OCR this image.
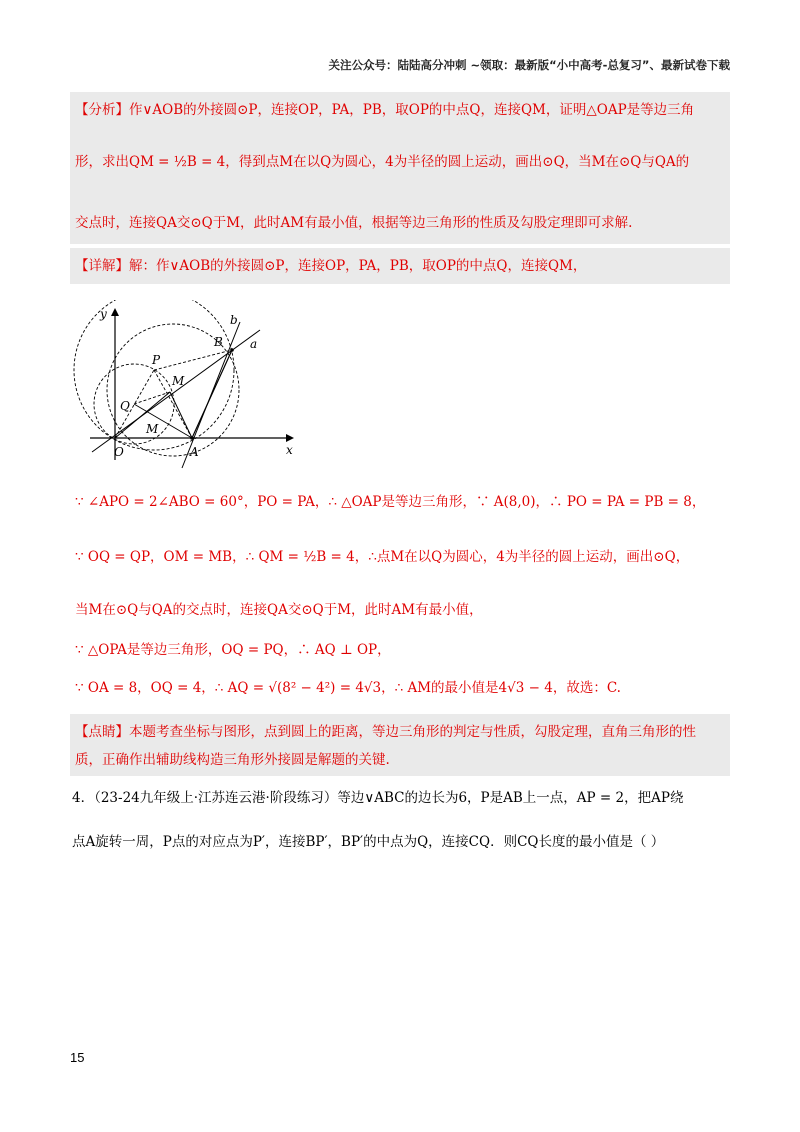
关注公众号：陆陆高分冲刺 ~领取：最新版“小中高考-总复习”、最新试卷下载
【分析】作∨AOB的外接圆⊙P，连接OP，PA，PB，取OP的中点Q，连接QM，证明△OAP是等边三角
形，求出QM = ½B = 4，得到点M在以Q为圆心，4为半径的圆上运动，画出⊙Q，当M在⊙Q与QA的
交点时，连接QA交⊙Q于M，此时AM有最小值，根据等边三角形的性质及勾股定理即可求解.
【详解】解：作∨AOB的外接圆⊙P，连接OP，PA，PB，取OP的中点Q，连接QM，
y
x
O	A
B
P
Q
M
M
a
b
∵ ∠APO = 2∠ABO = 60°，PO = PA，∴ △OAP是等边三角形，∵ A(8,0)，∴ PO = PA = PB = 8，
∵ OQ = QP，OM = MB，∴ QM = ½B = 4，∴点M在以Q为圆心，4为半径的圆上运动，画出⊙Q，
当M在⊙Q与QA的交点时，连接QA交⊙Q于M，此时AM有最小值，
∵ △OPA是等边三角形，OQ = PQ，∴ AQ ⊥ OP，
∵ OA = 8，OQ = 4，∴ AQ = √(8² − 4²) = 4√3，∴ AM的最小值是4√3 − 4，故选：C.
【点睛】本题考查坐标与图形，点到圆上的距离，等边三角形的判定与性质，勾股定理，直角三角形的性
质，正确作出辅助线构造三角形外接圆是解题的关键.
4．（23-24九年级上·江苏连云港·阶段练习）等边∨ABC的边长为6，P是AB上一点，AP = 2，把AP绕
点A旋转一周，P点的对应点为P′，连接BP′，BP′的中点为Q，连接CQ．则CQ长度的最小值是（ ）
15
